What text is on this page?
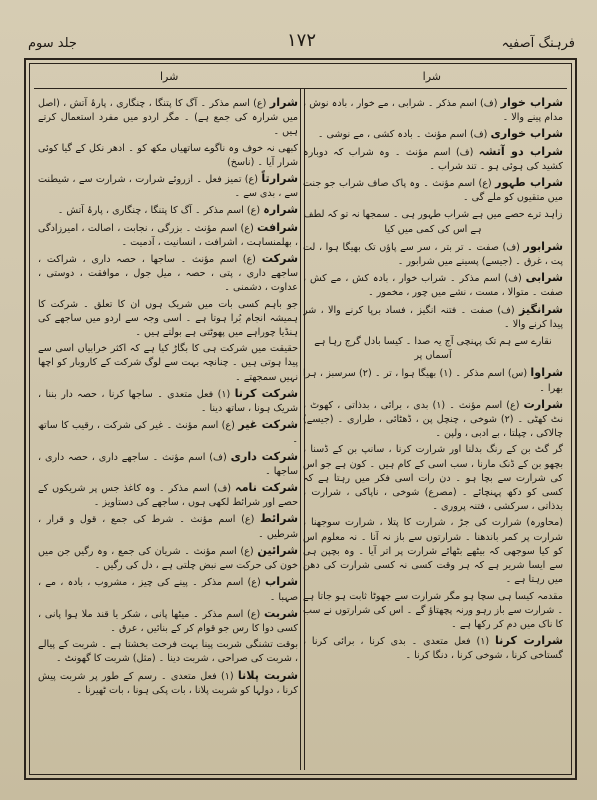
فرہنگ آصفیہ
۱۷۲
جلد سوم
شرا
شرا

شراب خوار (ف) اسم مذکر ۔ شرابی ، مے خوار ، بادہ نوش ، مدام پینے والا ۔

شراب خواری (ف) اسم مؤنث ۔ بادہ کشی ، مے نوشی ۔

شراب دو آتشہ (ف) اسم مؤنث ۔ وہ شراب کہ دوبارہ کشید کی ہوئی ہو ۔ تند شراب ۔

شراب طہور (ع) اسم مؤنث ۔ وہ پاک صاف شراب جو جنت میں متقیوں کو ملے گی ۔

زاہد ترے حصے میں ہے شراب طہور ہی ۔ سمجھا نہ تو کہ لطف ہے اس کی کمی میں کیا

شرابور (ف) صفت ۔ تر بتر ، سر سے پاؤں تک بھیگا ہوا ، لت پت ، غرق ۔ (جیسے) پسینے میں شرابور ۔

شرابی (ف) اسم مذکر ۔ شراب خوار ، بادہ کش ، مے کش ، صفت ۔ متوالا ، مست ، نشے میں چور ، مخمور ۔

شرانگیز (ف) صفت ۔ فتنہ انگیز ، فساد برپا کرنے والا ، شر پیدا کرنے والا ۔

نقارے سے ہم تک پہنچی آج یہ صدا ۔ کیسا بادل گرج رہا ہے آسماں پر

شراوا (س) اسم مذکر ۔ (۱) بھیگا ہوا ، تر ۔ (۲) سرسبز ، ہرا بھرا ۔

شرارت (ع) اسم مؤنث ۔ (۱) بدی ، برائی ، بدذاتی ، کھوٹ ، نٹ کھٹی ۔ (۲) شوخی ، چنچل پن ، ڈھٹائی ، طراری ۔ (جیسے) چالاکی ، چپلتا ، بے ادبی ، ولپن ۔

گر گٹ بن کے رنگ بدلنا اور شرارت کرنا ، سانپ بن کے ڈسنا ، بچھو بن کے ڈنک مارنا ، سب اسی کے کام ہیں ۔ کون ہے جو اس کی شرارت سے بچا ہو ۔ دن رات اسی فکر میں رہتا ہے کہ کسی کو دکھ پہنچائے ۔ (مصرع) شوخی ، ناپاکی ، شرارت ، بدذاتی ، سرکشی ، فتنہ پروری ۔

(محاورہ) شرارت کی جڑ ، شرارت کا پتلا ، شرارت سوجھنا ، شرارت پر کمر باندھنا ۔ شرارتوں سے باز نہ آنا ۔ نہ معلوم اس کو کیا سوجھی کہ بیٹھے بٹھائے شرارت پر اتر آیا ۔ وہ بچپن ہی سے ایسا شریر ہے کہ ہر وقت کسی نہ کسی شرارت کی دھن میں رہتا ہے ۔

مقدمہ کیسا ہی سچا ہو مگر شرارت سے جھوٹا ثابت ہو جاتا ہے ۔ شرارت سے باز رہو ورنہ پچھتاؤ گے ۔ اس کی شرارتوں نے سب کا ناک میں دم کر رکھا ہے ۔

شرارت کرنا (۱) فعل متعدی ۔ بدی کرنا ، برائی کرنا ، گستاخی کرنا ، شوخی کرنا ، دنگا کرنا ۔

شرار (ع) اسم مذکر ۔ آگ کا پتنگا ، چنگاری ، پارۂ آتش ، (اصل میں شرارہ کی جمع ہے) ۔ مگر اردو میں مفرد استعمال کرتے ہیں ۔

کبھی نہ خوف وہ ناگوے ساتھیاں مکھ کو ۔ ادھر نکل کے گیا کوئی شرار آیا ۔ (ناسخ)

شرارتاً (ع) تمیز فعل ۔ ازروئے شرارت ، شرارت سے ، شیطنت سے ، بدی سے ۔

شرارہ (ع) اسم مذکر ۔ آگ کا پتنگا ، چنگاری ، پارۂ آتش ۔

شرافت (ع) اسم مؤنث ۔ بزرگی ، نجابت ، اصالت ، امیرزادگی ، بھلمنساہت ، اشرافت ، انسانیت ، آدمیت ۔

شرکت (ع) اسم مؤنث ۔ ساجھا ، حصہ داری ، شراکت ، ساجھے داری ، پتی ، حصہ ، میل جول ، موافقت ، دوستی ، عداوت ، دشمنی ۔

جو باہم کسی بات میں شریک ہوں ان کا تعلق ۔ شرکت کا ہمیشہ انجام بُرا ہوتا ہے ۔ اسی وجہ سے اردو میں ساجھے کی ہنڈیا چوراہے میں پھوٹتی ہے بولتے ہیں ۔

حقیقت میں شرکت ہی کا بگاڑ کیا ہے کہ اکثر خرابیاں اسی سے پیدا ہوتی ہیں ۔ چنانچہ بہت سے لوگ شرکت کے کاروبار کو اچھا نہیں سمجھتے ۔

شرکت کرنا (۱) فعل متعدی ۔ ساجھا کرنا ، حصہ دار بننا ، شریک ہونا ، ساتھ دینا ۔

شرکت غیر (ع) اسم مؤنث ۔ غیر کی شرکت ، رقیب کا ساتھ ۔

شرکت داری (ف) اسم مؤنث ۔ ساجھے داری ، حصہ داری ، ساجھا ۔

شرکت نامہ (ف) اسم مذکر ۔ وہ کاغذ جس پر شریکوں کے حصے اور شرائط لکھی ہوں ، ساجھے کی دستاویز ۔

شرائط (ع) اسم مؤنث ۔ شرط کی جمع ، قول و قرار ، شرطیں ۔

شرائین (ع) اسم مؤنث ۔ شریان کی جمع ، وہ رگیں جن میں خون کی حرکت سے نبض چلتی ہے ، دل کی رگیں ۔

شراب (ع) اسم مذکر ۔ پینے کی چیز ، مشروب ، بادہ ، مے ، صہبا ۔

شربت (ع) اسم مذکر ۔ میٹھا پانی ، شکر یا قند ملا ہوا پانی ، کسی دوا کا رس جو قوام کر کے بنائیں ، عرق ۔

بوقت تشنگی شربت پینا بہت فرحت بخشتا ہے ۔ شربت کے پیالے ، شربت کی صراحی ، شربت دینا ۔ (مثل) شربت کا گھونٹ ۔

شربت پلانا (۱) فعل متعدی ۔ رسم کے طور پر شربت پیش کرنا ، دولہا کو شربت پلانا ، بات پکی ہونا ، بات ٹھیرنا ۔
